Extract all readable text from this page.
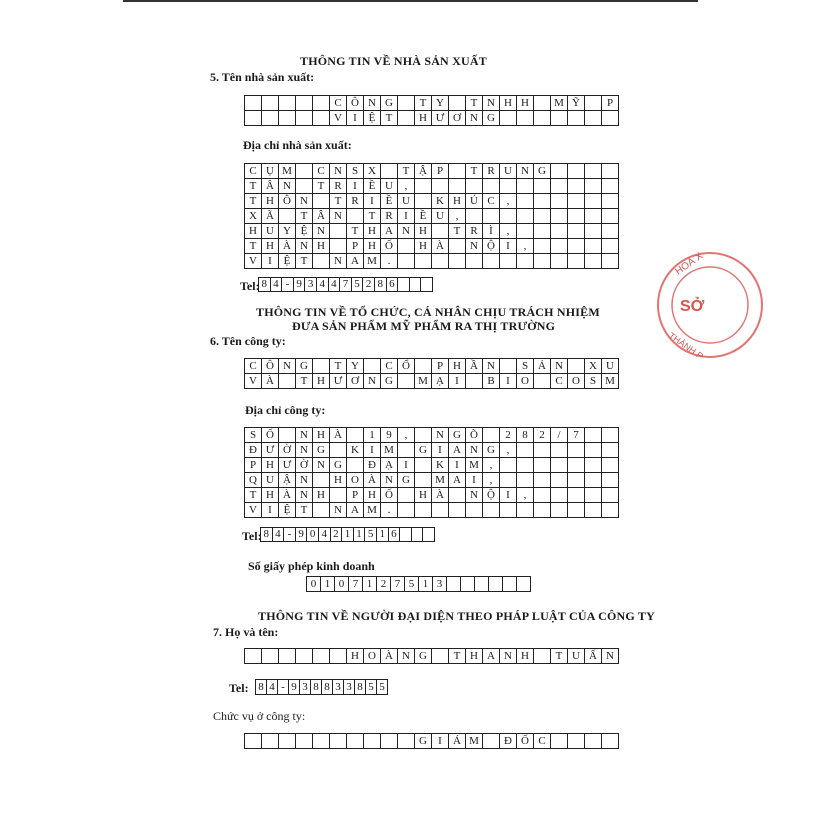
THÔNG TIN VỀ NHÀ SẢN XUẤT
5. Tên nhà sản xuất:
C Ô N G	T Y	T N H H	M Ỹ	P
V	I	Ệ T	H Ư Ơ N G
Địa chỉ nhà sản xuất:
C Ụ M	C N S X	T Ậ P	T R U N G
T Â N	T R	I	Ề U	,
T H Ô N	T R	I	Ề U	K H Ú C	,
X Ã	T Â N	T R	I	Ề U	,
H U Y Ệ N	T H A N H	T R	Ì	,
T H À N H	P H Ố	H À	N Ộ	I	,
V	I	Ệ T	N A M .
Tel: 8 4 - 9 3 4 4 7 5 2 8 6
THÔNG TIN VỀ TỔ CHỨC, CÁ NHÂN CHỊU TRÁCH NHIỆM
ĐƯA SẢN PHẨM MỸ PHẨM RA THỊ TRƯỜNG
6. Tên công ty:
C Ô N G	T Y	C Ổ	P H Ầ N	S Ả N	X U
V À	T H Ư Ơ N G	M Ạ	I	B	I	O	C O S M
Địa chỉ công ty:
S Ố	N H À	1	9	,	N G Õ	2	8	2	/	7
Đ Ư Ờ N G	K	I M	G	I	A N G	,
P H Ư Ờ N G	Đ Ạ	I	K	I M ,
Q U Ậ N	H O À N G	M A	I	,
T H À N H	P H Ố	H À	N Ộ	I	,
V	I	Ệ T	N A M .
Tel: 8 4 - 9 0 4 2 1 1 5 1 6
Số giấy phép kinh doanh
0 1 0 7 1 2 7 5 1 3
THÔNG TIN VỀ NGƯỜI ĐẠI DIỆN THEO PHÁP LUẬT CỦA CÔNG TY
7. Họ và tên:
H O À N G	T H A N H	T U Ấ N
Tel: 8 4 - 9 3 8 8 3 3 8 5 5
Chức vụ ở công ty:
G	I	Á M	Đ Ố C
HOÁ X
SỞ
THÀNH P
